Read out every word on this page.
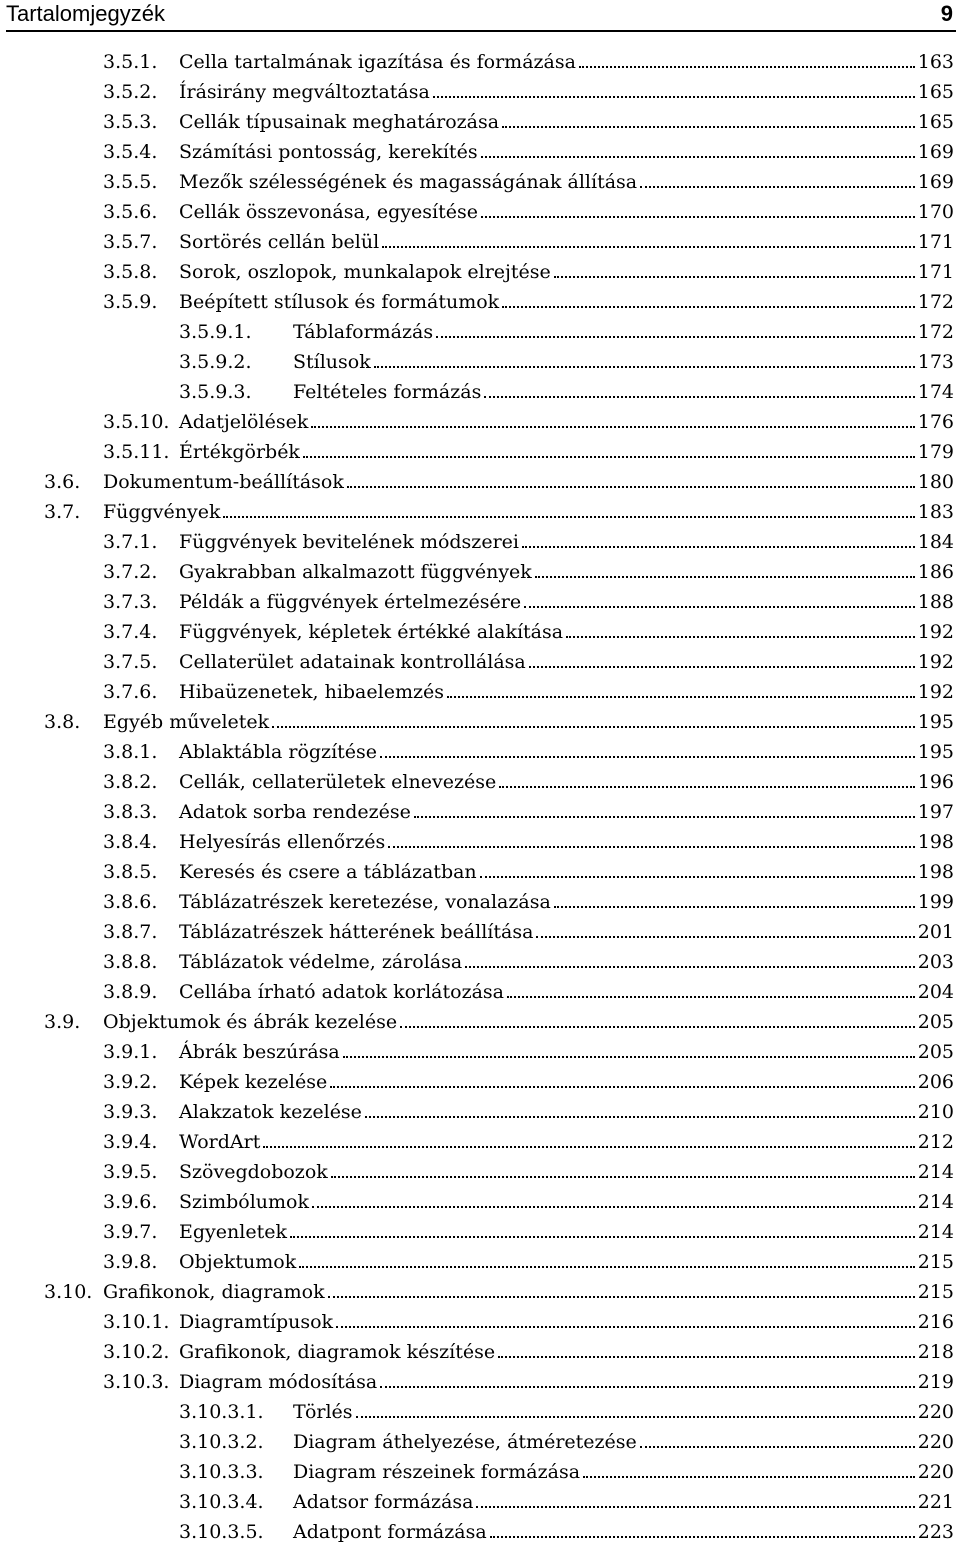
Tartalomjegyzék	9
3.5.1.	Cella tartalmának igazítása és formázása	163
3.5.2.	Írásirány megváltoztatása	165
3.5.3.	Cellák típusainak meghatározása	165
3.5.4.	Számítási pontosság, kerekítés	169
3.5.5.	Mezők szélességének és magasságának állítása	169
3.5.6.	Cellák összevonása, egyesítése	170
3.5.7.	Sortörés cellán belül	171
3.5.8.	Sorok, oszlopok, munkalapok elrejtése	171
3.5.9.	Beépített stílusok és formátumok	172
3.5.9.1.	Táblaformázás	172
3.5.9.2.	Stílusok	173
3.5.9.3.	Feltételes formázás	174
3.5.10. Adatjelölések	176
3.5.11. Értékgörbék	179
3.6.	Dokumentum-beállítások	180
3.7.	Függvények	183
3.7.1.	Függvények bevitelének módszerei	184
3.7.2.	Gyakrabban alkalmazott függvények	186
3.7.3.	Példák a függvények értelmezésére	188
3.7.4.	Függvények, képletek értékké alakítása	192
3.7.5.	Cellaterület adatainak kontrollálása	192
3.7.6.	Hibaüzenetek, hibaelemzés	192
3.8.	Egyéb műveletek	195
3.8.1.	Ablaktábla rögzítése	195
3.8.2.	Cellák, cellaterületek elnevezése	196
3.8.3.	Adatok sorba rendezése	197
3.8.4.	Helyesírás ellenőrzés	198
3.8.5.	Keresés és csere a táblázatban	198
3.8.6.	Táblázatrészek keretezése, vonalazása	199
3.8.7.	Táblázatrészek hátterének beállítása	201
3.8.8.	Táblázatok védelme, zárolása	203
3.8.9.	Cellába írható adatok korlátozása	204
3.9.	Objektumok és ábrák kezelése	205
3.9.1.	Ábrák beszúrása	205
3.9.2.	Képek kezelése	206
3.9.3.	Alakzatok kezelése	210
3.9.4.	WordArt	212
3.9.5.	Szövegdobozok	214
3.9.6.	Szimbólumok	214
3.9.7.	Egyenletek	214
3.9.8.	Objektumok	215
3.10. Grafikonok, diagramok	215
3.10.1. Diagramtípusok	216
3.10.2. Grafikonok, diagramok készítése	218
3.10.3. Diagram módosítása	219
3.10.3.1.	Törlés	220
3.10.3.2.	Diagram áthelyezése, átméretezése	220
3.10.3.3.	Diagram részeinek formázása	220
3.10.3.4.	Adatsor formázása	221
3.10.3.5.	Adatpont formázása	223
